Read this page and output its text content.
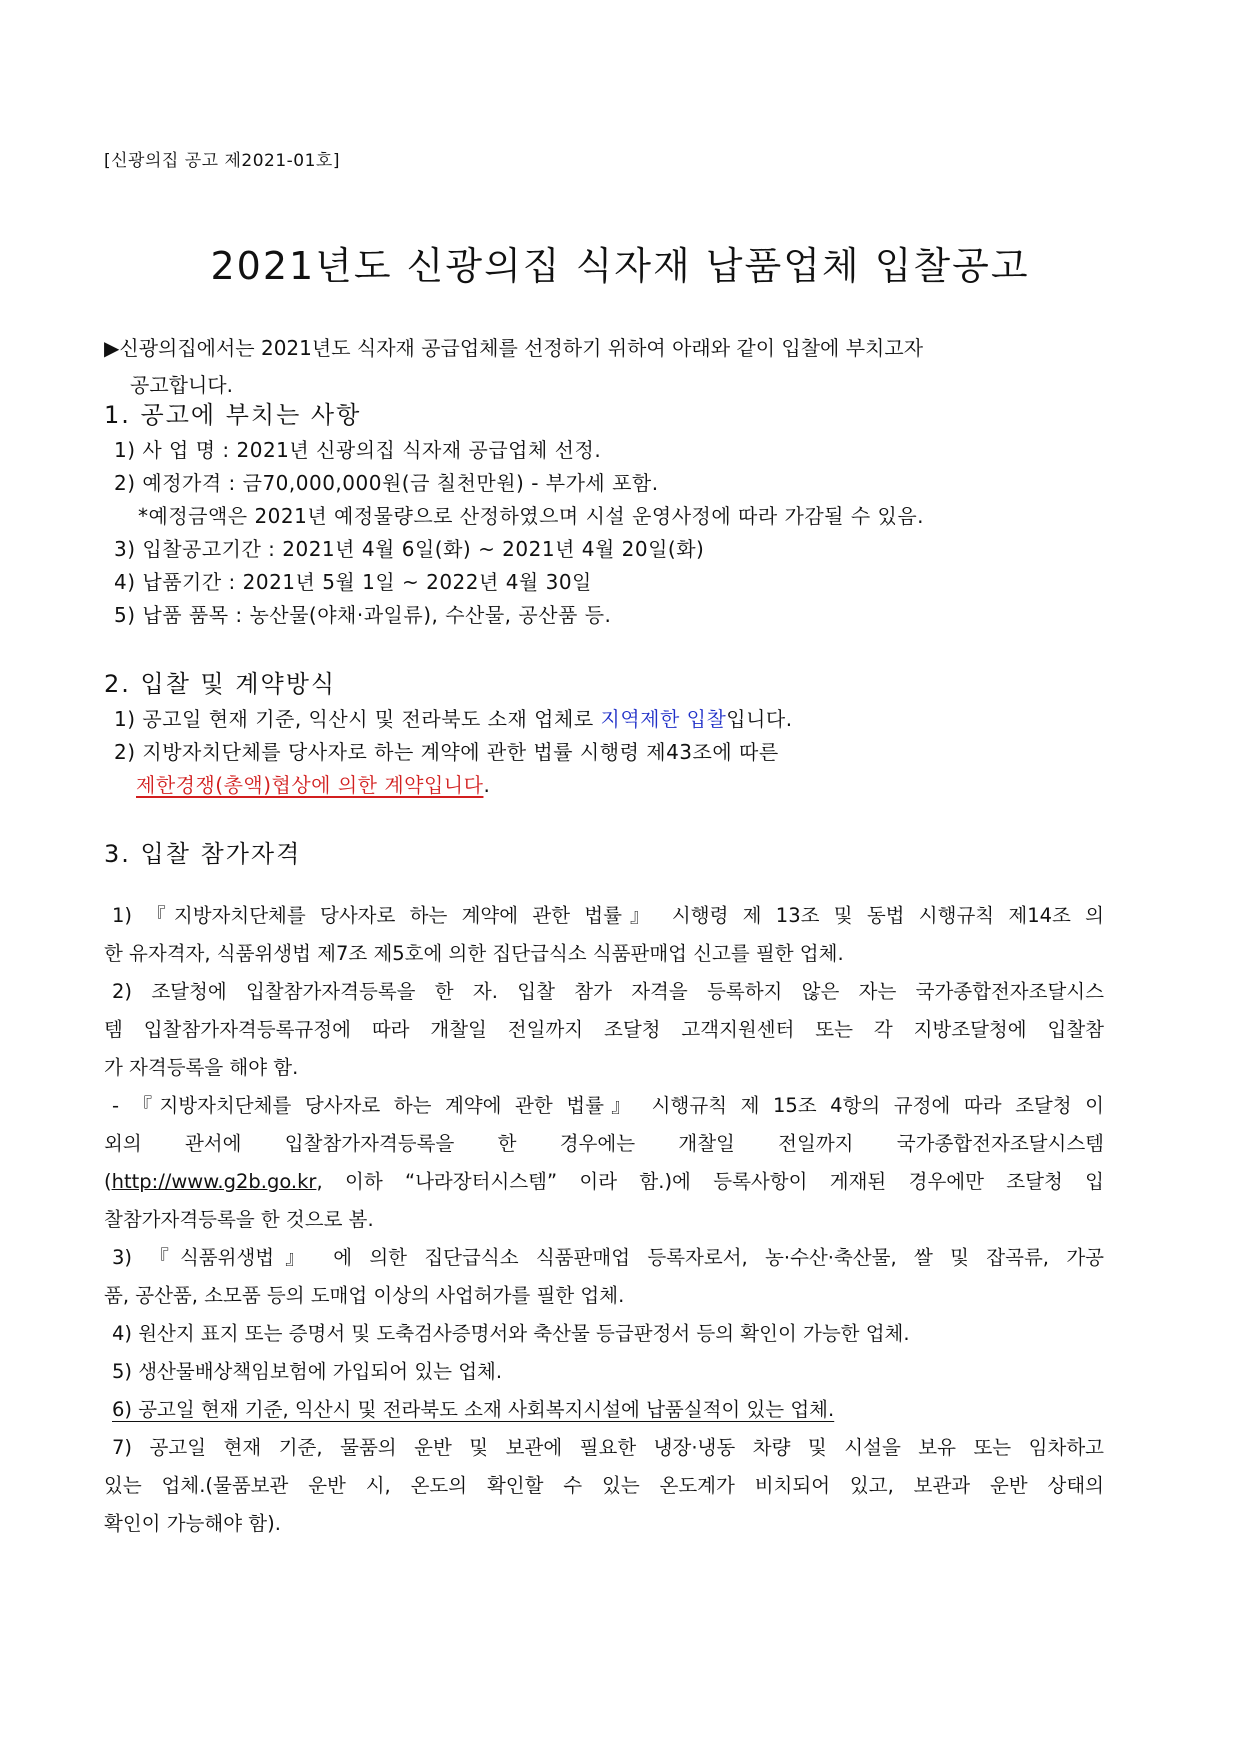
[신광의집 공고 제2021-01호]
2021년도 신광의집 식자재 납품업체 입찰공고
▶신광의집에서는 2021년도 식자재 공급업체를 선정하기 위하여 아래와 같이 입찰에 부치고자
공고합니다.
1. 공고에 부치는 사항
1) 사 업 명 : 2021년 신광의집 식자재 공급업체 선정.
2) 예정가격 : 금70,000,000원(금 칠천만원) - 부가세 포함.
*예정금액은 2021년 예정물량으로 산정하였으며 시설 운영사정에 따라 가감될 수 있음.
3) 입찰공고기간 : 2021년 4월 6일(화) ~ 2021년 4월 20일(화)
4) 납품기간 : 2021년 5월 1일 ~ 2022년 4월 30일
5) 납품 품목 : 농산물(야채·과일류), 수산물, 공산품 등.
2. 입찰 및 계약방식
1) 공고일 현재 기준, 익산시 및 전라북도 소재 업체로 지역제한 입찰입니다.
2) 지방자치단체를 당사자로 하는 계약에 관한 법률 시행령 제43조에 따른
제한경쟁(총액)협상에 의한 계약입니다.
3. 입찰 참가자격
1) 『지방자치단체를 당사자로 하는 계약에 관한 법률』 시행령 제 13조 및 동법 시행규칙 제14조 의
한 유자격자, 식품위생법 제7조 제5호에 의한 집단급식소 식품판매업 신고를 필한 업체.
2) 조달청에 입찰참가자격등록을 한 자. 입찰 참가 자격을 등록하지 않은 자는 국가종합전자조달시스
템 입찰참가자격등록규정에 따라 개찰일 전일까지 조달청 고객지원센터 또는 각 지방조달청에 입찰참
가 자격등록을 해야 함.
- 『지방자치단체를 당사자로 하는 계약에 관한 법률』 시행규칙 제 15조 4항의 규정에 따라 조달청 이
외의 관서에 입찰참가자격등록을 한 경우에는 개찰일 전일까지 국가종합전자조달시스템
(http://www.g2b.go.kr, 이하 “나라장터시스템” 이라 함.)에 등록사항이 게재된 경우에만 조달청 입
찰참가자격등록을 한 것으로 봄.
3) 『식품위생법』 에 의한 집단급식소 식품판매업 등록자로서, 농·수산·축산물, 쌀 및 잡곡류, 가공
품, 공산품, 소모품 등의 도매업 이상의 사업허가를 필한 업체.
4) 원산지 표지 또는 증명서 및 도축검사증명서와 축산물 등급판정서 등의 확인이 가능한 업체.
5) 생산물배상책임보험에 가입되어 있는 업체.
6) 공고일 현재 기준, 익산시 및 전라북도 소재 사회복지시설에 납품실적이 있는 업체.
7) 공고일 현재 기준, 물품의 운반 및 보관에 필요한 냉장·냉동 차량 및 시설을 보유 또는 임차하고
있는 업체.(물품보관 운반 시, 온도의 확인할 수 있는 온도계가 비치되어 있고, 보관과 운반 상태의
확인이 가능해야 함).
